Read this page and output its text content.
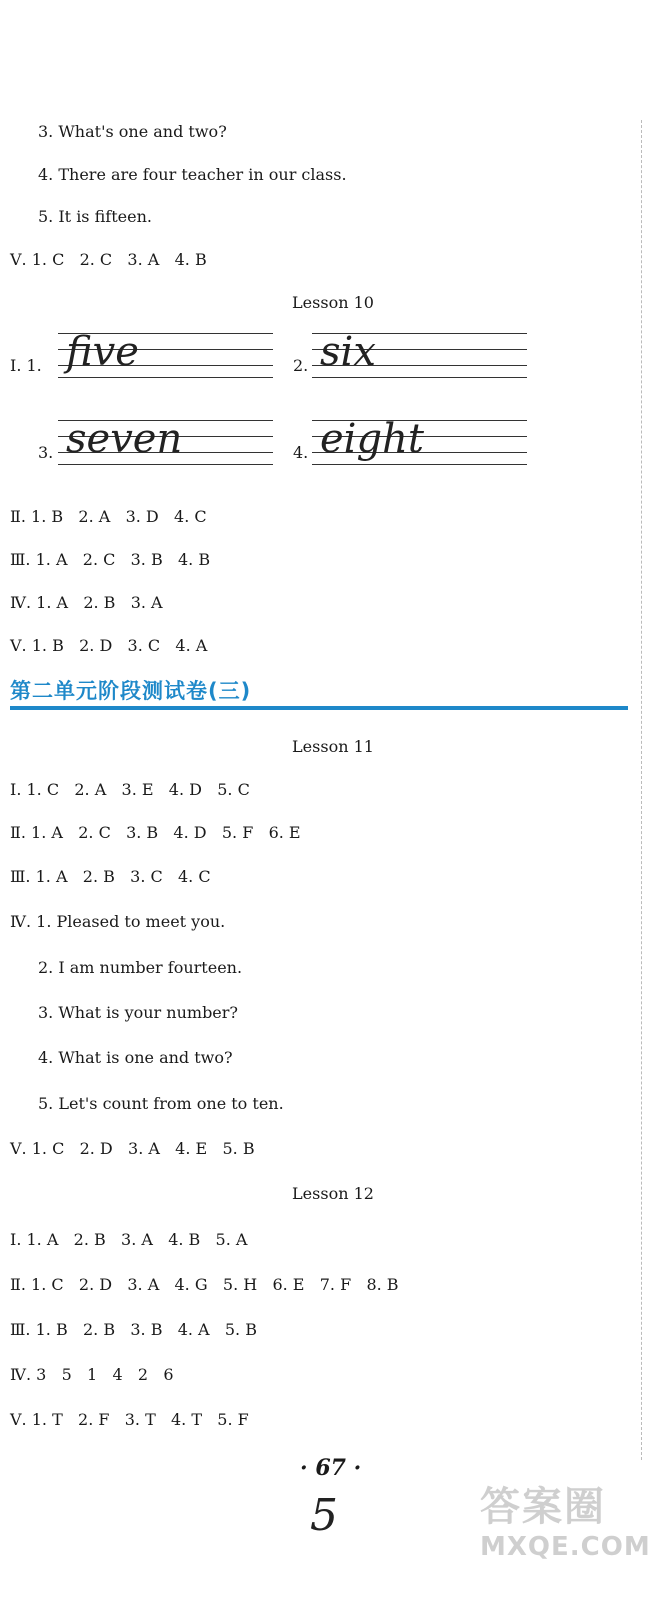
3. What's one and two?
4. There are four teacher in our class.
5. It is fifteen.
Ⅴ. 1. C   2. C   3. A   4. B
Lesson 10
Ⅰ. 1. five	2. six
3. seven	4. eight
Ⅱ. 1. B   2. A   3. D   4. C
Ⅲ. 1. A   2. C   3. B   4. B
Ⅳ. 1. A   2. B   3. A
Ⅴ. 1. B   2. D   3. C   4. A
第二单元阶段测试卷(三)
Lesson 11
Ⅰ. 1. C   2. A   3. E   4. D   5. C
Ⅱ. 1. A   2. C   3. B   4. D   5. F   6. E
Ⅲ. 1. A   2. B   3. C   4. C
Ⅳ. 1. Pleased to meet you.
2. I am number fourteen.
3. What is your number?
4. What is one and two?
5. Let's count from one to ten.
Ⅴ. 1. C   2. D   3. A   4. E   5. B
Lesson 12
Ⅰ. 1. A   2. B   3. A   4. B   5. A
Ⅱ. 1. C   2. D   3. A   4. G   5. H   6. E   7. F   8. B
Ⅲ. 1. B   2. B   3. B   4. A   5. B
Ⅳ. 3   5   1   4   2   6
Ⅴ. 1. T   2. F   3. T   4. T   5. F
· 67 ·
5	答案圈
MXQE.COM
